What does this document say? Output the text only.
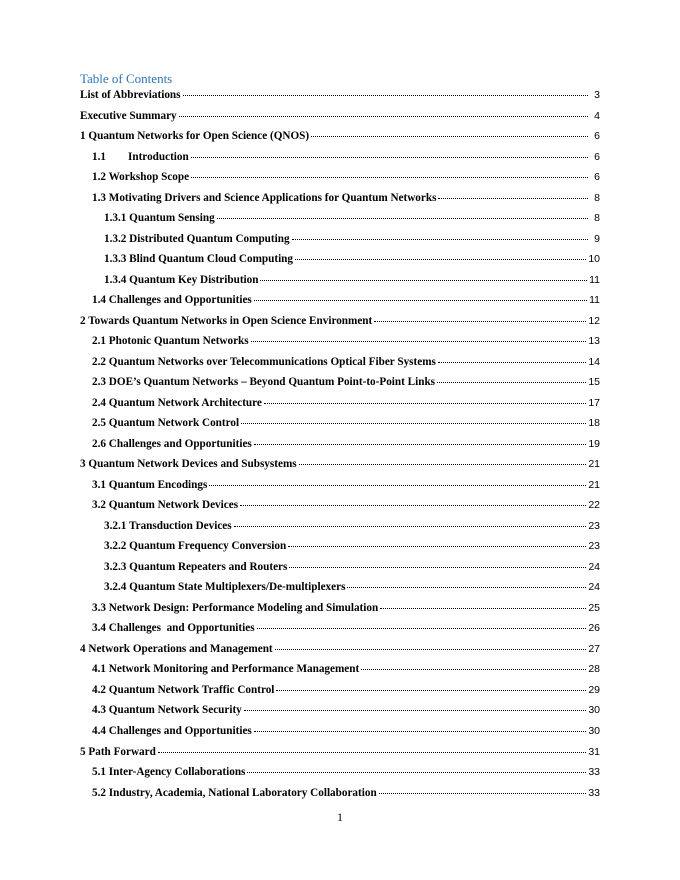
Table of Contents
List of Abbreviations	3
Executive Summary	4
1 Quantum Networks for Open Science (QNOS)	6
1.1	Introduction	6
1.2 Workshop Scope	6
1.3 Motivating Drivers and Science Applications for Quantum Networks	8
1.3.1 Quantum Sensing	8
1.3.2 Distributed Quantum Computing	9
1.3.3 Blind Quantum Cloud Computing	10
1.3.4 Quantum Key Distribution	11
1.4 Challenges and Opportunities	11
2 Towards Quantum Networks in Open Science Environment	12
2.1 Photonic Quantum Networks	13
2.2 Quantum Networks over Telecommunications Optical Fiber Systems	14
2.3 DOE’s Quantum Networks – Beyond Quantum Point-to-Point Links	15
2.4 Quantum Network Architecture	17
2.5 Quantum Network Control	18
2.6 Challenges and Opportunities	19
3 Quantum Network Devices and Subsystems	21
3.1 Quantum Encodings	21
3.2 Quantum Network Devices	22
3.2.1 Transduction Devices	23
3.2.2 Quantum Frequency Conversion	23
3.2.3 Quantum Repeaters and Routers	24
3.2.4 Quantum State Multiplexers/De-multiplexers	24
3.3 Network Design: Performance Modeling and Simulation	25
3.4 Challenges  and Opportunities	26
4 Network Operations and Management	27
4.1 Network Monitoring and Performance Management	28
4.2 Quantum Network Traffic Control	29
4.3 Quantum Network Security	30
4.4 Challenges and Opportunities	30
5 Path Forward	31
5.1 Inter-Agency Collaborations	33
5.2 Industry, Academia, National Laboratory Collaboration	33
1
